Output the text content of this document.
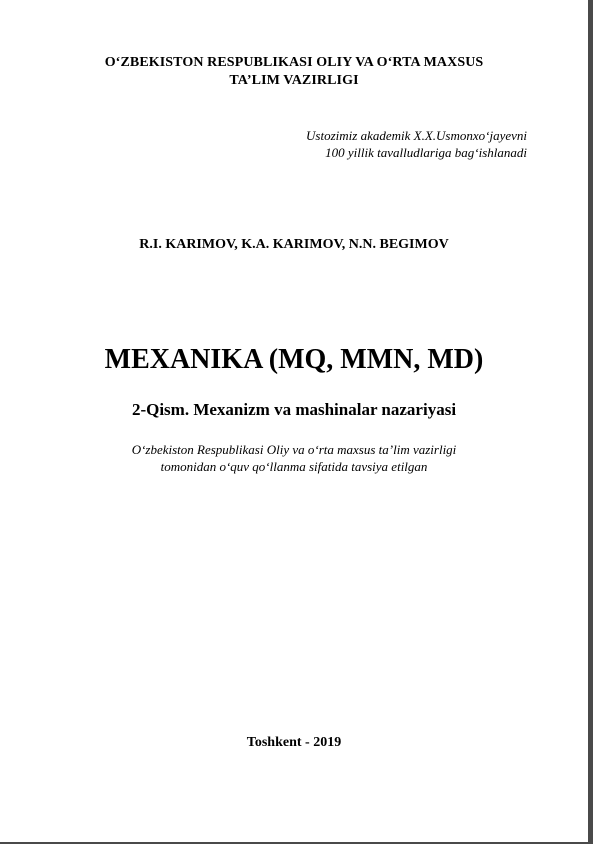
O‘ZBEKISTON RESPUBLIKASI OLIY VA O‘RTA MAXSUS
TA’LIM VAZIRLIGI
Ustozimiz akademik X.X.Usmonxo‘jayevni
100 yillik tavalludlariga bag‘ishlanadi
R.I. KARIMOV, K.A. KARIMOV, N.N. BEGIMOV
MEXANIKA (MQ, MMN, MD)
2-Qism. Mexanizm va mashinalar nazariyasi
O‘zbekiston Respublikasi Oliy va o‘rta maxsus ta’lim vazirligi
tomonidan o‘quv qo‘llanma sifatida tavsiya etilgan
Toshkent - 2019
